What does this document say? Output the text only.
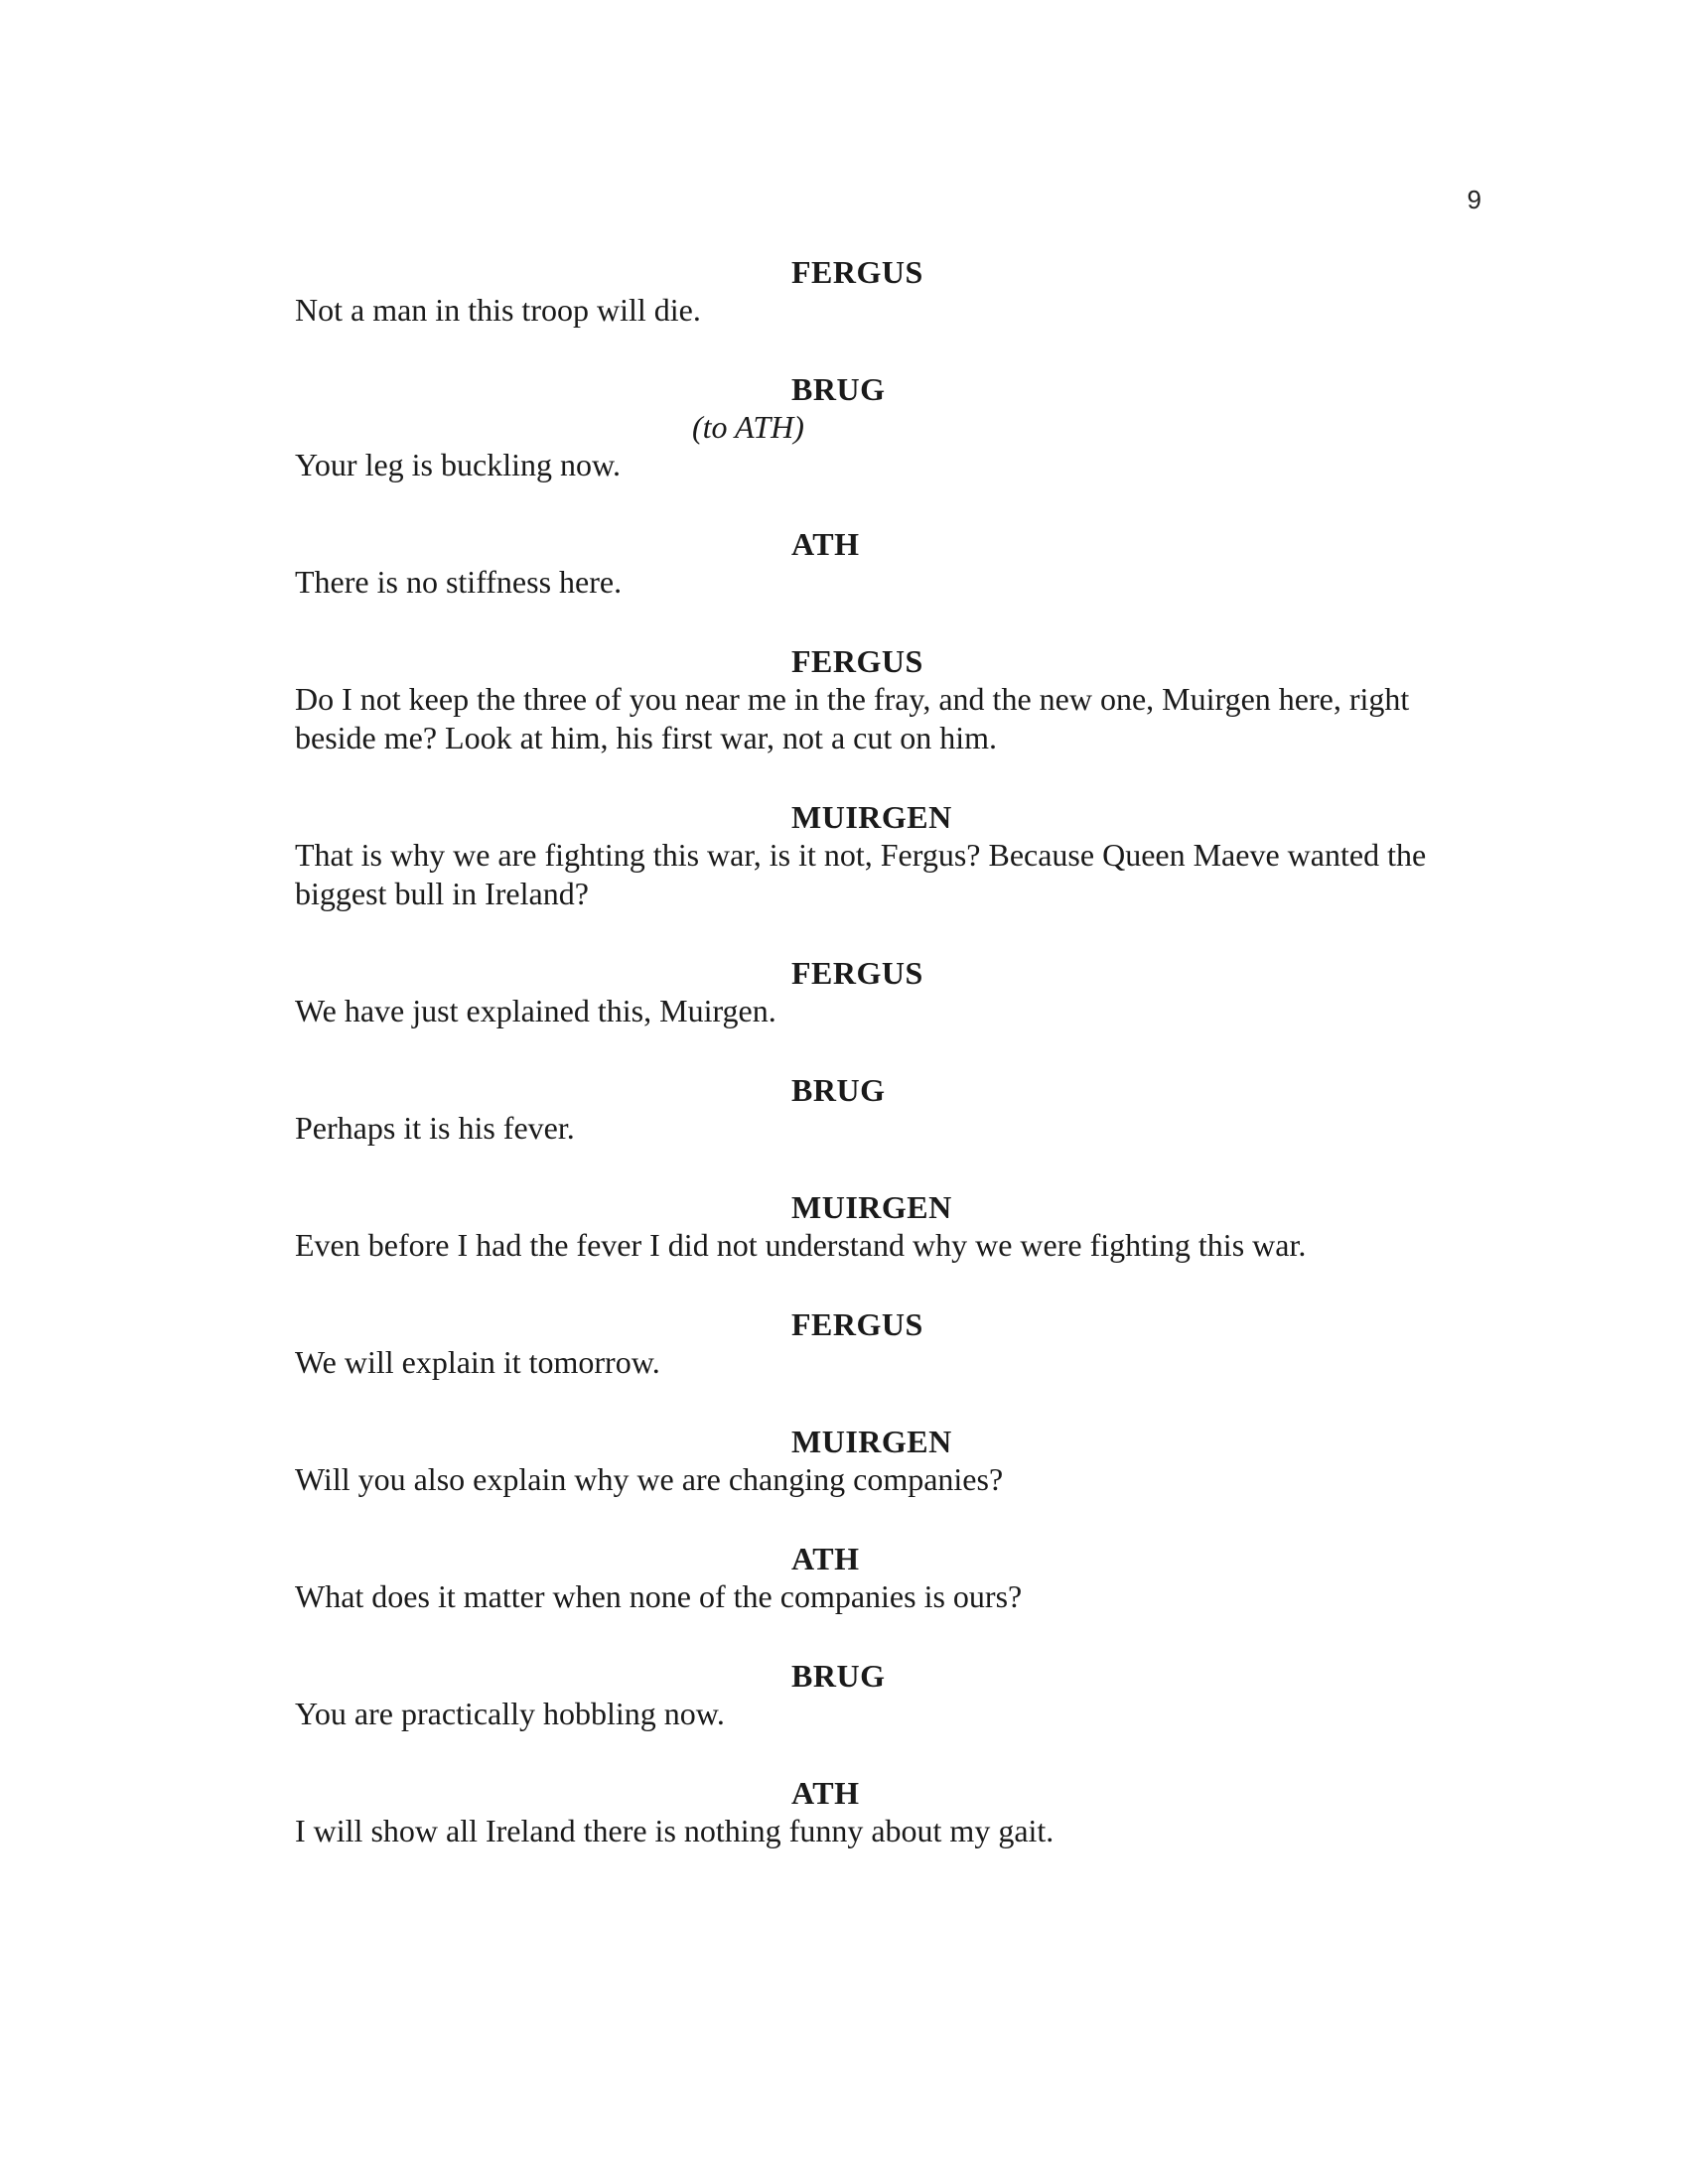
9
FERGUS
Not a man in this troop will die.
BRUG
(to ATH)
Your leg is buckling now.
ATH
There is no stiffness here.
FERGUS
Do I not keep the three of you near me in the fray, and the new one, Muirgen here, right beside me? Look at him, his first war, not a cut on him.
MUIRGEN
That is why we are fighting this war, is it not, Fergus? Because Queen Maeve wanted the biggest bull in Ireland?
FERGUS
We have just explained this, Muirgen.
BRUG
Perhaps it is his fever.
MUIRGEN
Even before I had the fever I did not understand why we were fighting this war.
FERGUS
We will explain it tomorrow.
MUIRGEN
Will you also explain why we are changing companies?
ATH
What does it matter when none of the companies is ours?
BRUG
You are practically hobbling now.
ATH
I will show all Ireland there is nothing funny about my gait.
